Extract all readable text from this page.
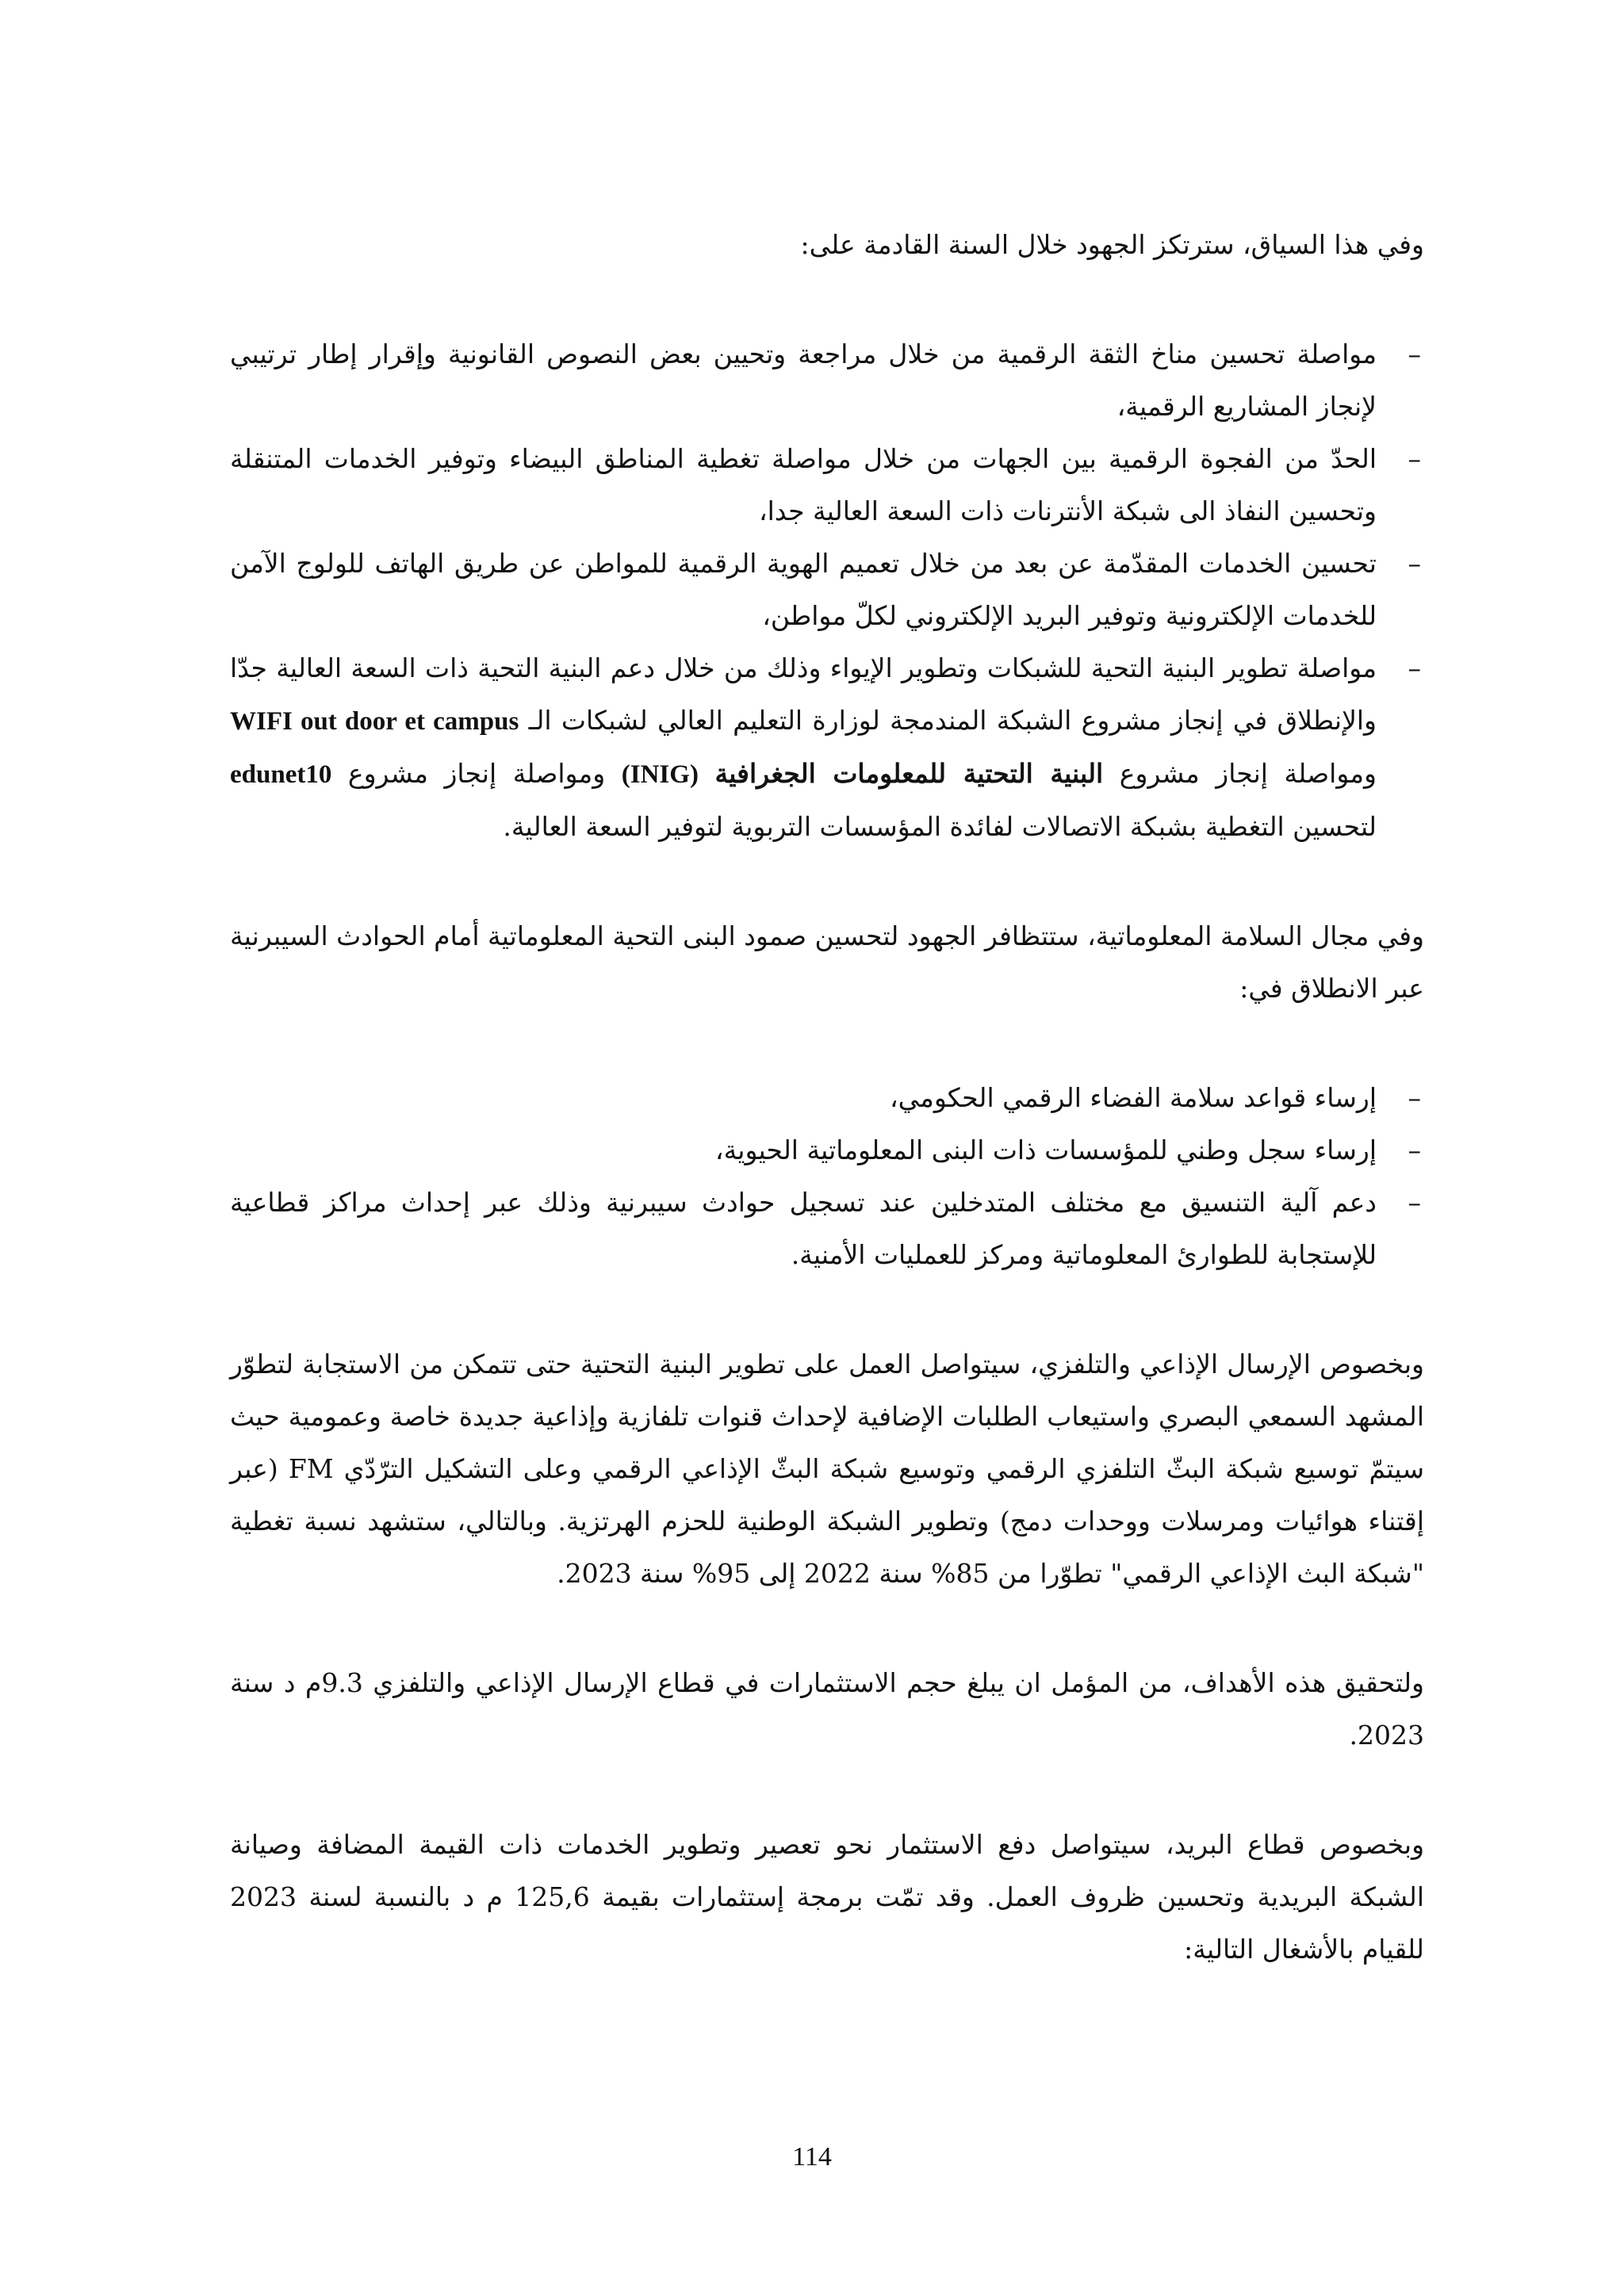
وفي هذا السياق، سترتكز الجهود خلال السنة القادمة على:

– مواصلة تحسين مناخ الثقة الرقمية من خلال مراجعة وتحيين بعض النصوص القانونية وإقرار إطار ترتيبي لإنجاز المشاريع الرقمية،
– الحدّ من الفجوة الرقمية بين الجهات من خلال مواصلة تغطية المناطق البيضاء وتوفير الخدمات المتنقلة وتحسين النفاذ الى شبكة الأنترنات ذات السعة العالية جدا،
– تحسين الخدمات المقدّمة عن بعد من خلال تعميم الهوية الرقمية للمواطن عن طريق الهاتف للولوج الآمن للخدمات الإلكترونية وتوفير البريد الإلكتروني لكلّ مواطن،
– مواصلة تطوير البنية التحية للشبكات وتطوير الإيواء وذلك من خلال دعم البنية التحية ذات السعة العالية جدّا والإنطلاق في إنجاز مشروع الشبكة المندمجة لوزارة التعليم العالي لشبكات الـ WIFI out door et campus ومواصلة إنجاز مشروع البنية التحتية للمعلومات الجغرافية (INIG) ومواصلة إنجاز مشروع edunet10 لتحسين التغطية بشبكة الاتصالات لفائدة المؤسسات التربوية لتوفير السعة العالية.

وفي مجال السلامة المعلوماتية، ستتظافر الجهود لتحسين صمود البنى التحية المعلوماتية أمام الحوادث السيبرنية عبر الانطلاق في:

– إرساء قواعد سلامة الفضاء الرقمي الحكومي،
– إرساء سجل وطني للمؤسسات ذات البنى المعلوماتية الحيوية،
– دعم آلية التنسيق مع مختلف المتدخلين عند تسجيل حوادث سيبرنية وذلك عبر إحداث مراكز قطاعية للإستجابة للطوارئ المعلوماتية ومركز للعمليات الأمنية.

وبخصوص الإرسال الإذاعي والتلفزي، سيتواصل العمل على تطوير البنية التحتية حتى تتمكن من الاستجابة لتطوّر المشهد السمعي البصري واستيعاب الطلبات الإضافية لإحداث قنوات تلفازية وإذاعية جديدة خاصة وعمومية حيث سيتمّ توسيع شبكة البثّ التلفزي الرقمي وتوسيع شبكة البثّ الإذاعي الرقمي وعلى التشكيل الترّدّي FM (عبر إقتناء هوائيات ومرسلات ووحدات دمج) وتطوير الشبكة الوطنية للحزم الهرتزية. وبالتالي، ستشهد نسبة تغطية "شبكة البث الإذاعي الرقمي" تطوّرا من 85% سنة 2022 إلى 95% سنة 2023.

ولتحقيق هذه الأهداف، من المؤمل ان يبلغ حجم الاستثمارات في قطاع الإرسال الإذاعي والتلفزي 9.3م د سنة 2023.

وبخصوص قطاع البريد، سيتواصل دفع الاستثمار نحو تعصير وتطوير الخدمات ذات القيمة المضافة وصيانة الشبكة البريدية وتحسين ظروف العمل. وقد تمّت برمجة إستثمارات بقيمة 125,6 م د بالنسبة لسنة 2023 للقيام بالأشغال التالية:

114
